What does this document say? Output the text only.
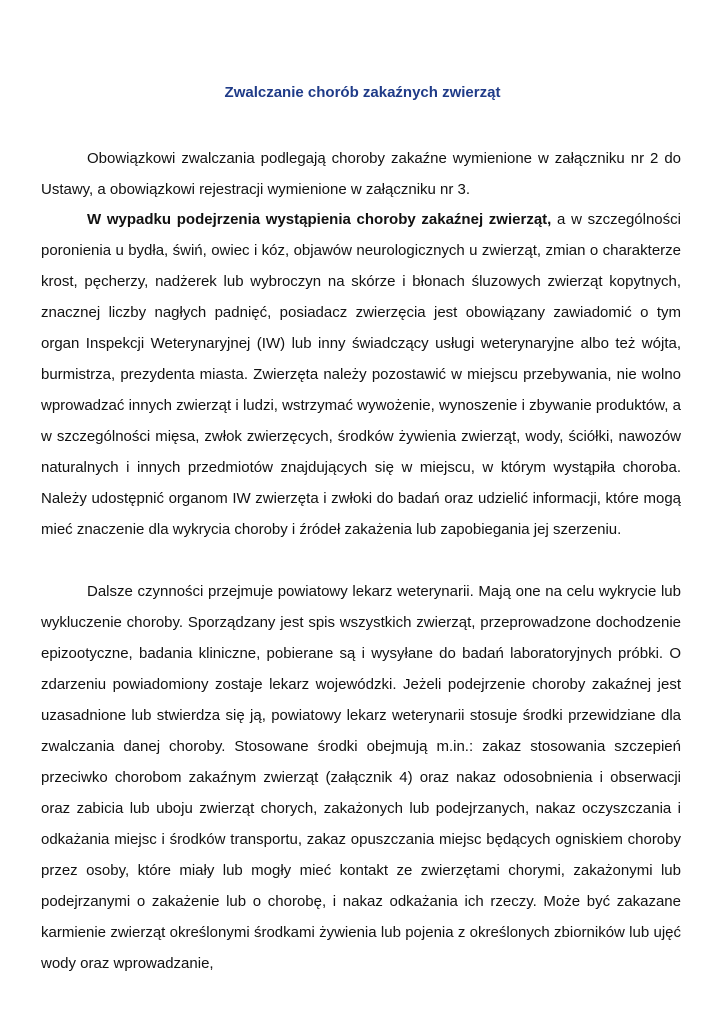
Zwalczanie chorób zakaźnych zwierząt

Obowiązkowi zwalczania podlegają choroby zakaźne wymienione w załączniku nr 2 do Ustawy, a obowiązkowi rejestracji wymienione w załączniku nr 3.

W wypadku podejrzenia wystąpienia choroby zakaźnej zwierząt, a w szczególności poronienia u bydła, świń, owiec i kóz, objawów neurologicznych u zwierząt, zmian o charakterze krost, pęcherzy, nadżerek lub wybroczyn na skórze i błonach śluzowych zwierząt kopytnych, znacznej liczby nagłych padnięć, posiadacz zwierzęcia jest obowiązany zawiadomić o tym organ Inspekcji Weterynaryjnej (IW) lub inny świadczący usługi weterynaryjne albo też wójta, burmistrza, prezydenta miasta. Zwierzęta należy pozostawić w miejscu przebywania, nie wolno wprowadzać innych zwierząt i ludzi, wstrzymać wywożenie, wynoszenie i zbywanie produktów, a w szczególności mięsa, zwłok zwierzęcych, środków żywienia zwierząt, wody, ściółki, nawozów naturalnych i innych przedmiotów znajdujących się w miejscu, w którym wystąpiła choroba. Należy udostępnić organom IW zwierzęta i zwłoki do badań oraz udzielić informacji, które mogą mieć znaczenie dla wykrycia choroby i źródeł zakażenia lub zapobiegania jej szerzeniu.

Dalsze czynności przejmuje powiatowy lekarz weterynarii. Mają one na celu wykrycie lub wykluczenie choroby. Sporządzany jest spis wszystkich zwierząt, przeprowadzone dochodzenie epizootyczne, badania kliniczne, pobierane są i wysyłane do badań laboratoryjnych próbki. O zdarzeniu powiadomiony zostaje lekarz wojewódzki. Jeżeli podejrzenie choroby zakaźnej jest uzasadnione lub stwierdza się ją, powiatowy lekarz weterynarii stosuje środki przewidziane dla zwalczania danej choroby. Stosowane środki obejmują m.in.: zakaz stosowania szczepień przeciwko chorobom zakaźnym zwierząt (załącznik 4) oraz nakaz odosobnienia i obserwacji oraz zabicia lub uboju zwierząt chorych, zakażonych lub podejrzanych, nakaz oczyszczania i odkażania miejsc i środków transportu, zakaz opuszczania miejsc będących ogniskiem choroby przez osoby, które miały lub mogły mieć kontakt ze zwierzętami chorymi, zakażonymi lub podejrzanymi o zakażenie lub o chorobę, i nakaz odkażania ich rzeczy. Może być zakazane karmienie zwierząt określonymi środkami żywienia lub pojenia z określonych zbiorników lub ujęć wody oraz wprowadzanie,
